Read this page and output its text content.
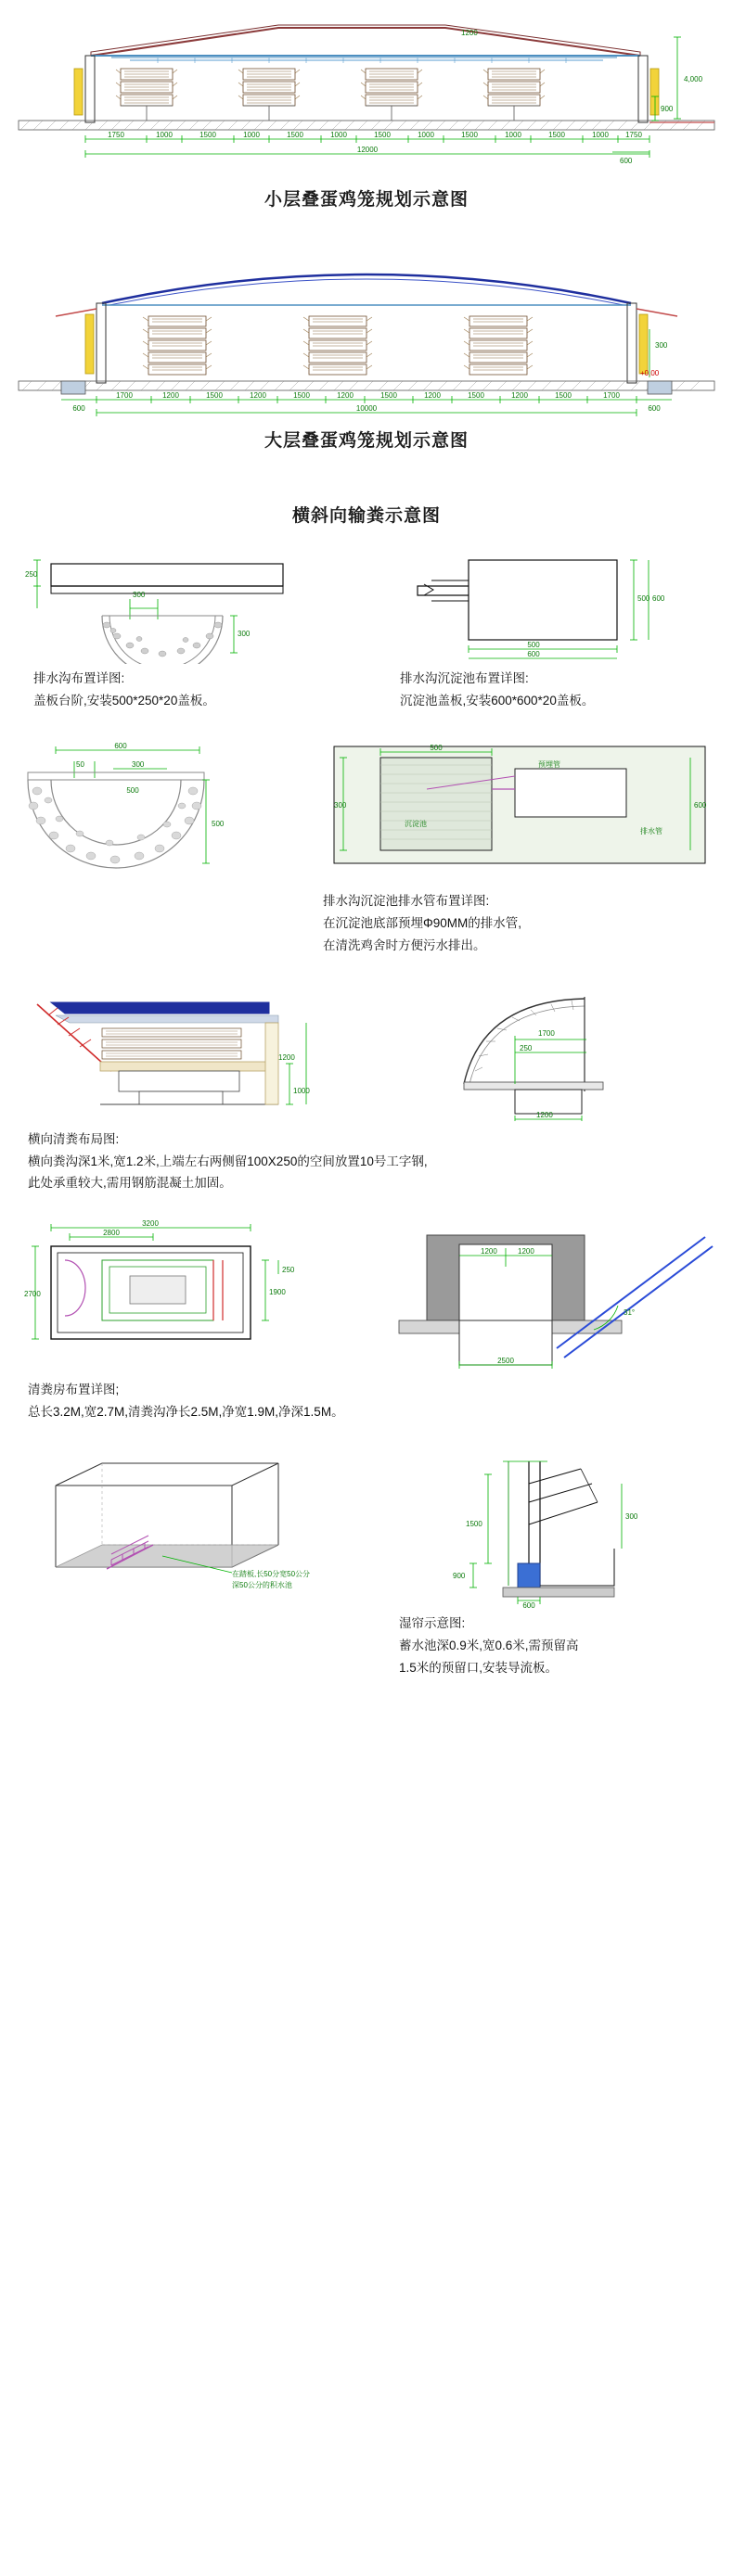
1750	1000	1500	1000	1500	1000	1500	1000	1500	1000	1500	1000 1750
12000
4,000
900
600
1200
小层叠蛋鸡笼规划示意图
1700	1200	1500	1200	1500	1200	1500	1200	1500	1200	1500	1700
10000
600	600
300
+0.00
大层叠蛋鸡笼规划示意图
横斜向输粪示意图
250
300
300
排水沟布置详图:
盖板台阶,安装500*250*20盖板。
500
600
500 600
排水沟沉淀池布置详图:
沉淀池盖板,安装600*600*20盖板。
600
50	300
500
500
500
300	600
预埋管
沉淀池
排水管
排水沟沉淀池排水管布置详图:
在沉淀池底部预埋Φ90MM的排水管,
在清洗鸡舍时方便污水排出。
1200
1000
1700
250
1200
横向清粪布局图:
横向粪沟深1米,宽1.2米,上端左右两侧留100X250的空间放置10号工字钢,
此处承重较大,需用钢筋混凝土加固。
2800
3200
2700	1900
250
1200	1200
2500
31°
清粪房布置详图;
总长3.2M,宽2.7M,清粪沟净长2.5M,净宽1.9M,净深1.5M。
在踏板,长50分宽50公分
深50公分的积水池
1500
900
600
300
湿帘示意图:
蓄水池深0.9米,宽0.6米,需预留高
1.5米的预留口,安装导流板。
